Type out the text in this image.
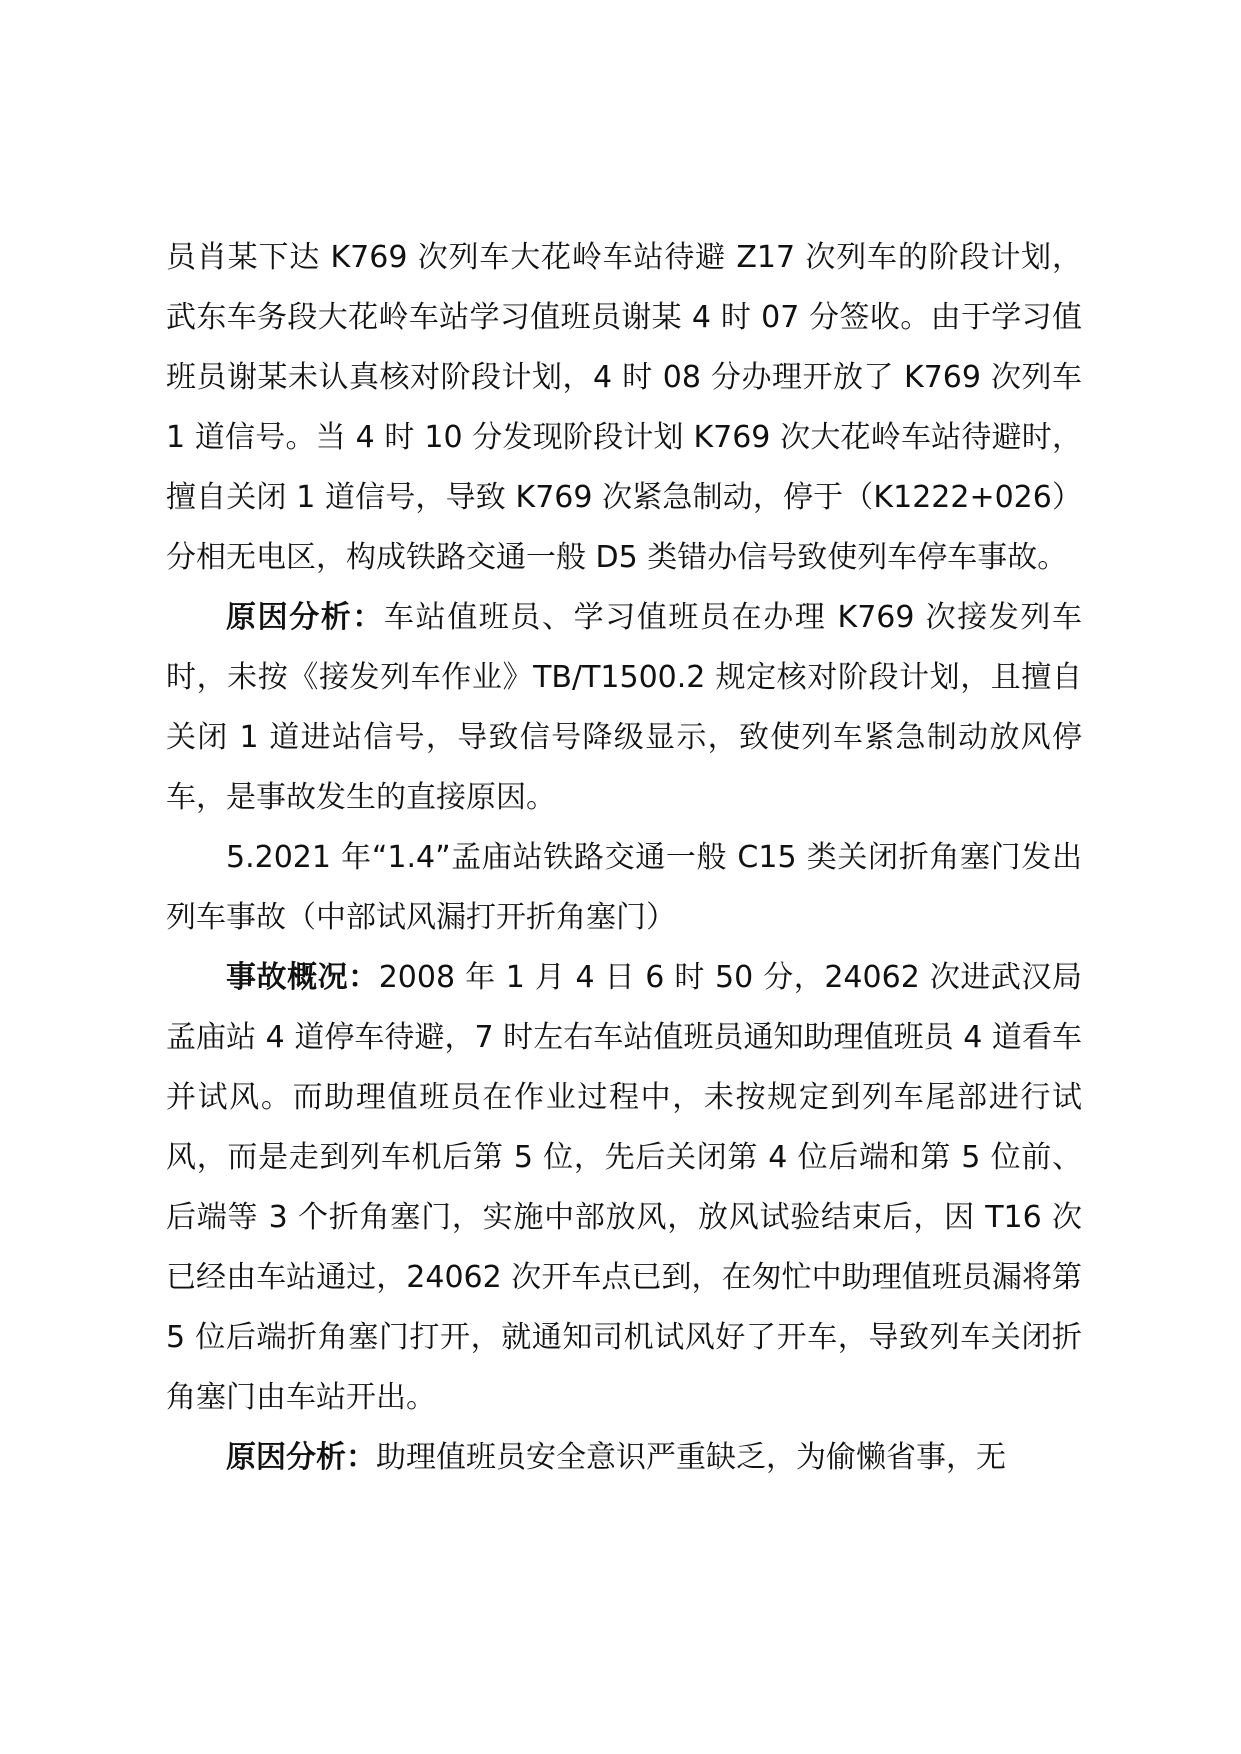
员肖某下达 K769 次列车大花岭车站待避 Z17 次列车的阶段计划，武东车务段大花岭车站学习值班员谢某 4 时 07 分签收。由于学习值班员谢某未认真核对阶段计划，4 时 08 分办理开放了 K769 次列车 1 道信号。当 4 时 10 分发现阶段计划 K769 次大花岭车站待避时，擅自关闭 1 道信号，导致 K769 次紧急制动，停于（K1222+026）分相无电区，构成铁路交通一般 D5 类错办信号致使列车停车事故。

原因分析：车站值班员、学习值班员在办理 K769 次接发列车时，未按《接发列车作业》TB/T1500.2 规定核对阶段计划，且擅自关闭 1 道进站信号，导致信号降级显示，致使列车紧急制动放风停车，是事故发生的直接原因。

5.2021 年“1.4”孟庙站铁路交通一般 C15 类关闭折角塞门发出列车事故（中部试风漏打开折角塞门）

事故概况：2008 年 1 月 4 日 6 时 50 分，24062 次进武汉局孟庙站 4 道停车待避，7 时左右车站值班员通知助理值班员 4 道看车并试风。而助理值班员在作业过程中，未按规定到列车尾部进行试风，而是走到列车机后第 5 位，先后关闭第 4 位后端和第 5 位前、后端等 3 个折角塞门，实施中部放风，放风试验结束后，因 T16 次已经由车站通过，24062 次开车点已到，在匆忙中助理值班员漏将第 5 位后端折角塞门打开，就通知司机试风好了开车，导致列车关闭折角塞门由车站开出。

原因分析：助理值班员安全意识严重缺乏，为偷懒省事，无
